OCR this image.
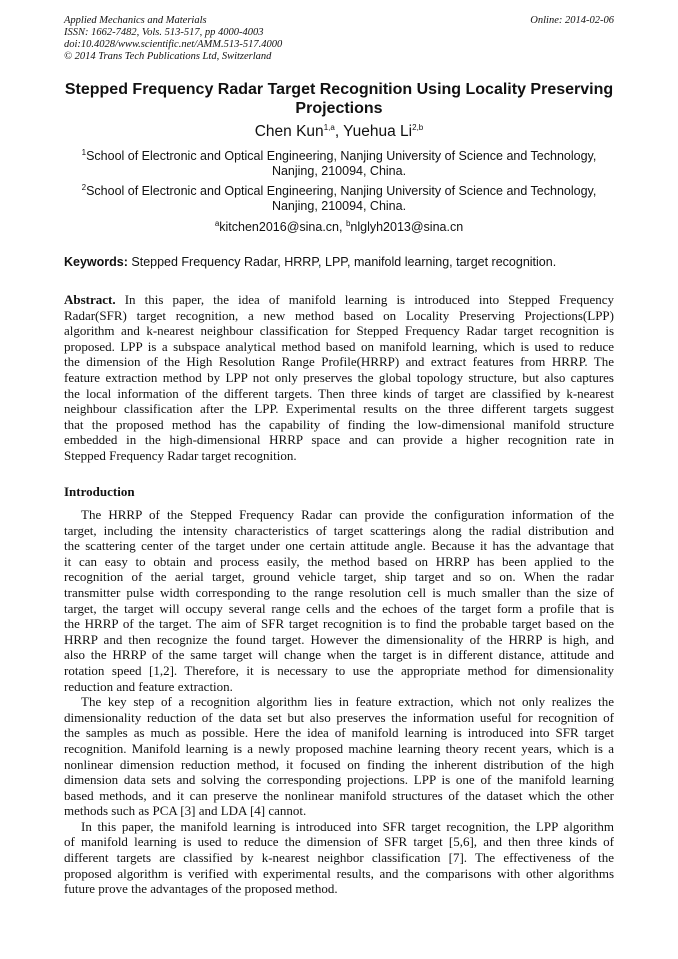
Applied Mechanics and Materials
ISSN: 1662-7482, Vols. 513-517, pp 4000-4003
doi:10.4028/www.scientific.net/AMM.513-517.4000
© 2014 Trans Tech Publications Ltd, Switzerland
Online: 2014-02-06
Stepped Frequency Radar Target Recognition Using Locality Preserving
Projections
Chen Kun$^{1,a}$, Yuehua Li$^{2,b}$
$^1$School of Electronic and Optical Engineering, Nanjing University of Science and Technology,
Nanjing, 210094, China.
$^2$School of Electronic and Optical Engineering, Nanjing University of Science and Technology,
Nanjing, 210094, China.
$^a$kitchen2016@sina.cn, $^b$nlglyh2013@sina.cn
Keywords: Stepped Frequency Radar, HRRP, LPP, manifold learning, target recognition.
Abstract. In this paper, the idea of manifold learning is introduced into Stepped Frequency
Radar(SFR) target recognition, a new method based on Locality Preserving Projections(LPP)
algorithm and k-nearest neighbour classification for Stepped Frequency Radar target recognition is
proposed. LPP is a subspace analytical method based on manifold learning, which is used to reduce
the dimension of the High Resolution Range Profile(HRRP) and extract features from HRRP. The
feature extraction method by LPP not only preserves the global topology structure, but also captures
the local information of the different targets. Then three kinds of target are classified by k-nearest
neighbour classification after the LPP. Experimental results on the three different targets suggest
that the proposed method has the capability of finding the low-dimensional manifold structure
embedded in the high-dimensional HRRP space and can provide a higher recognition rate in
Stepped Frequency Radar target recognition.
Introduction
The HRRP of the Stepped Frequency Radar can provide the configuration information of the
target, including the intensity characteristics of target scatterings along the radial distribution and
the scattering center of the target under one certain attitude angle. Because it has the advantage that
it can easy to obtain and process easily, the method based on HRRP has been applied to the
recognition of the aerial target, ground vehicle target, ship target and so on. When the radar
transmitter pulse width corresponding to the range resolution cell is much smaller than the size of
target, the target will occupy several range cells and the echoes of the target form a profile that is
the HRRP of the target. The aim of SFR target recognition is to find the probable target based on the
HRRP and then recognize the found target. However the dimensionality of the HRRP is high, and
also the HRRP of the same target will change when the target is in different distance, attitude and
rotation speed [1,2]. Therefore, it is necessary to use the appropriate method for dimensionality
reduction and feature extraction.
The key step of a recognition algorithm lies in feature extraction, which not only realizes the
dimensionality reduction of the data set but also preserves the information useful for recognition of
the samples as much as possible. Here the idea of manifold learning is introduced into SFR target
recognition. Manifold learning is a newly proposed machine learning theory recent years, which is a
nonlinear dimension reduction method, it focused on finding the inherent distribution of the high
dimension data sets and solving the corresponding projections. LPP is one of the manifold learning
based methods, and it can preserve the nonlinear manifold structures of the dataset which the other
methods such as PCA [3] and LDA [4] cannot.
In this paper, the manifold learning is introduced into SFR target recognition, the LPP algorithm
of manifold learning is used to reduce the dimension of SFR target [5,6], and then three kinds of
different targets are classified by k-nearest neighbor classification [7]. The effectiveness of the
proposed algorithm is verified with experimental results, and the comparisons with other algorithms
future prove the advantages of the proposed method.
